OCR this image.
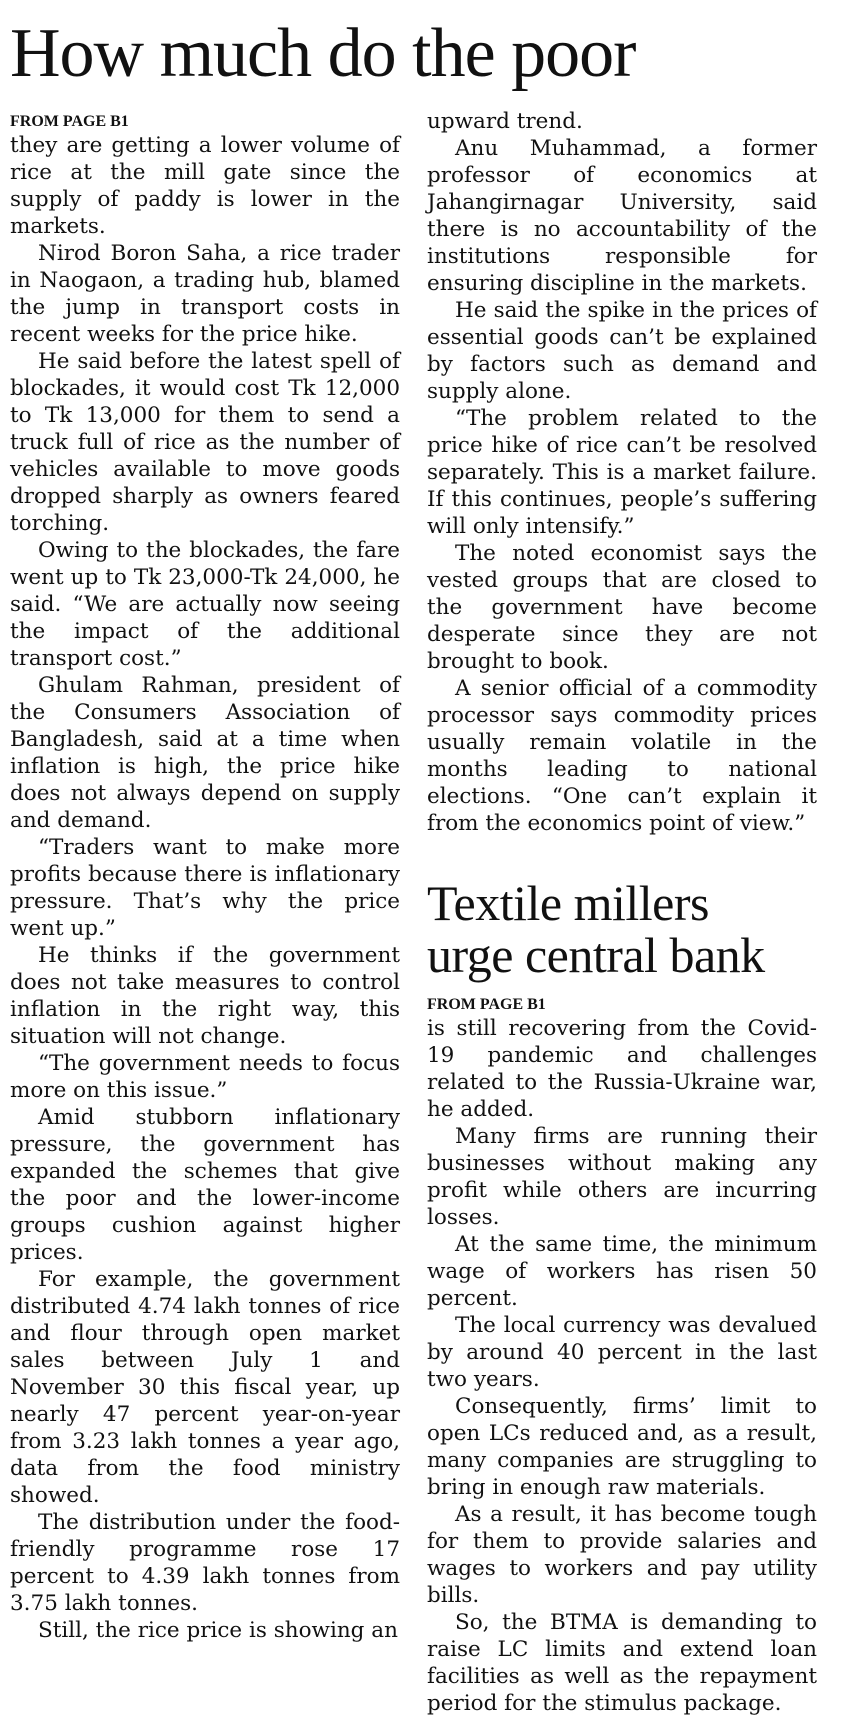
How much do the poor
FROM PAGE B1

they are getting a lower volume of rice at the mill gate since the supply of paddy is lower in the markets.

Nirod Boron Saha, a rice trader in Naogaon, a trading hub, blamed the jump in transport costs in recent weeks for the price hike.

He said before the latest spell of blockades, it would cost Tk 12,000 to Tk 13,000 for them to send a truck full of rice as the number of vehicles available to move goods dropped sharply as owners feared torching.

Owing to the blockades, the fare went up to Tk 23,000-Tk 24,000, he said. “We are actually now seeing the impact of the additional transport cost.”

Ghulam Rahman, president of the Consumers Association of Bangladesh, said at a time when inflation is high, the price hike does not always depend on supply and demand.

“Traders want to make more profits because there is inflationary pressure. That’s why the price went up.”

He thinks if the government does not take measures to control inflation in the right way, this situation will not change.

“The government needs to focus more on this issue.”

Amid stubborn inflationary pressure, the government has expanded the schemes that give the poor and the lower-income groups cushion against higher prices.

For example, the government distributed 4.74 lakh tonnes of rice and flour through open market sales between July 1 and November 30 this fiscal year, up nearly 47 percent year-on-year from 3.23 lakh tonnes a year ago, data from the food ministry showed.

The distribution under the food-friendly programme rose 17 percent to 4.39 lakh tonnes from 3.75 lakh tonnes.

Still, the rice price is showing an

upward trend.

Anu Muhammad, a former professor of economics at Jahangirnagar University, said there is no accountability of the institutions responsible for ensuring discipline in the markets.

He said the spike in the prices of essential goods can’t be explained by factors such as demand and supply alone.

“The problem related to the price hike of rice can’t be resolved separately. This is a market failure. If this continues, people’s suffering will only intensify.”

The noted economist says the vested groups that are closed to the government have become desperate since they are not brought to book.

A senior official of a commodity processor says commodity prices usually remain volatile in the months leading to national elections. “One can’t explain it from the economics point of view.”

Textile millers
urge central bank
FROM PAGE B1

is still recovering from the Covid-19 pandemic and challenges related to the Russia-Ukraine war, he added.

Many firms are running their businesses without making any profit while others are incurring losses.

At the same time, the minimum wage of workers has risen 50 percent.

The local currency was devalued by around 40 percent in the last two years.

Consequently, firms’ limit to open LCs reduced and, as a result, many companies are struggling to bring in enough raw materials.

As a result, it has become tough for them to provide salaries and wages to workers and pay utility bills.

So, the BTMA is demanding to raise LC limits and extend loan facilities as well as the repayment period for the stimulus package.
